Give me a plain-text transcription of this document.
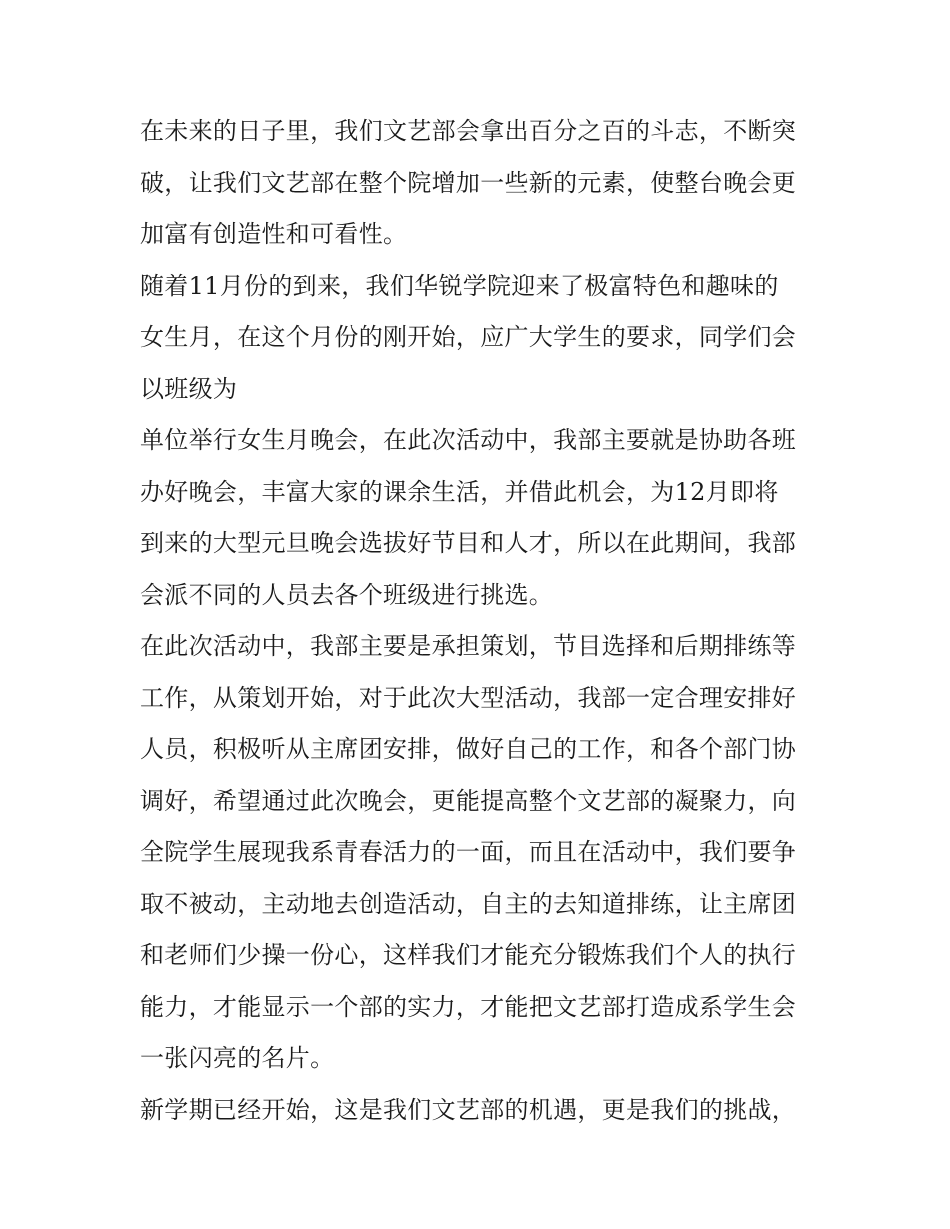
在未来的日子里，我们文艺部会拿出百分之百的斗志，不断突
破，让我们文艺部在整个院增加一些新的元素，使整台晚会更
加富有创造性和可看性。
随着11月份的到来，我们华锐学院迎来了极富特色和趣味的
女生月，在这个月份的刚开始，应广大学生的要求，同学们会
以班级为
单位举行女生月晚会，在此次活动中，我部主要就是协助各班
办好晚会，丰富大家的课余生活，并借此机会，为12月即将
到来的大型元旦晚会选拔好节目和人才，所以在此期间，我部
会派不同的人员去各个班级进行挑选。
在此次活动中，我部主要是承担策划，节目选择和后期排练等
工作，从策划开始，对于此次大型活动，我部一定合理安排好
人员，积极听从主席团安排，做好自己的工作，和各个部门协
调好，希望通过此次晚会，更能提高整个文艺部的凝聚力，向
全院学生展现我系青春活力的一面，而且在活动中，我们要争
取不被动，主动地去创造活动，自主的去知道排练，让主席团
和老师们少操一份心，这样我们才能充分锻炼我们个人的执行
能力，才能显示一个部的实力，才能把文艺部打造成系学生会
一张闪亮的名片。
新学期已经开始，这是我们文艺部的机遇，更是我们的挑战，
